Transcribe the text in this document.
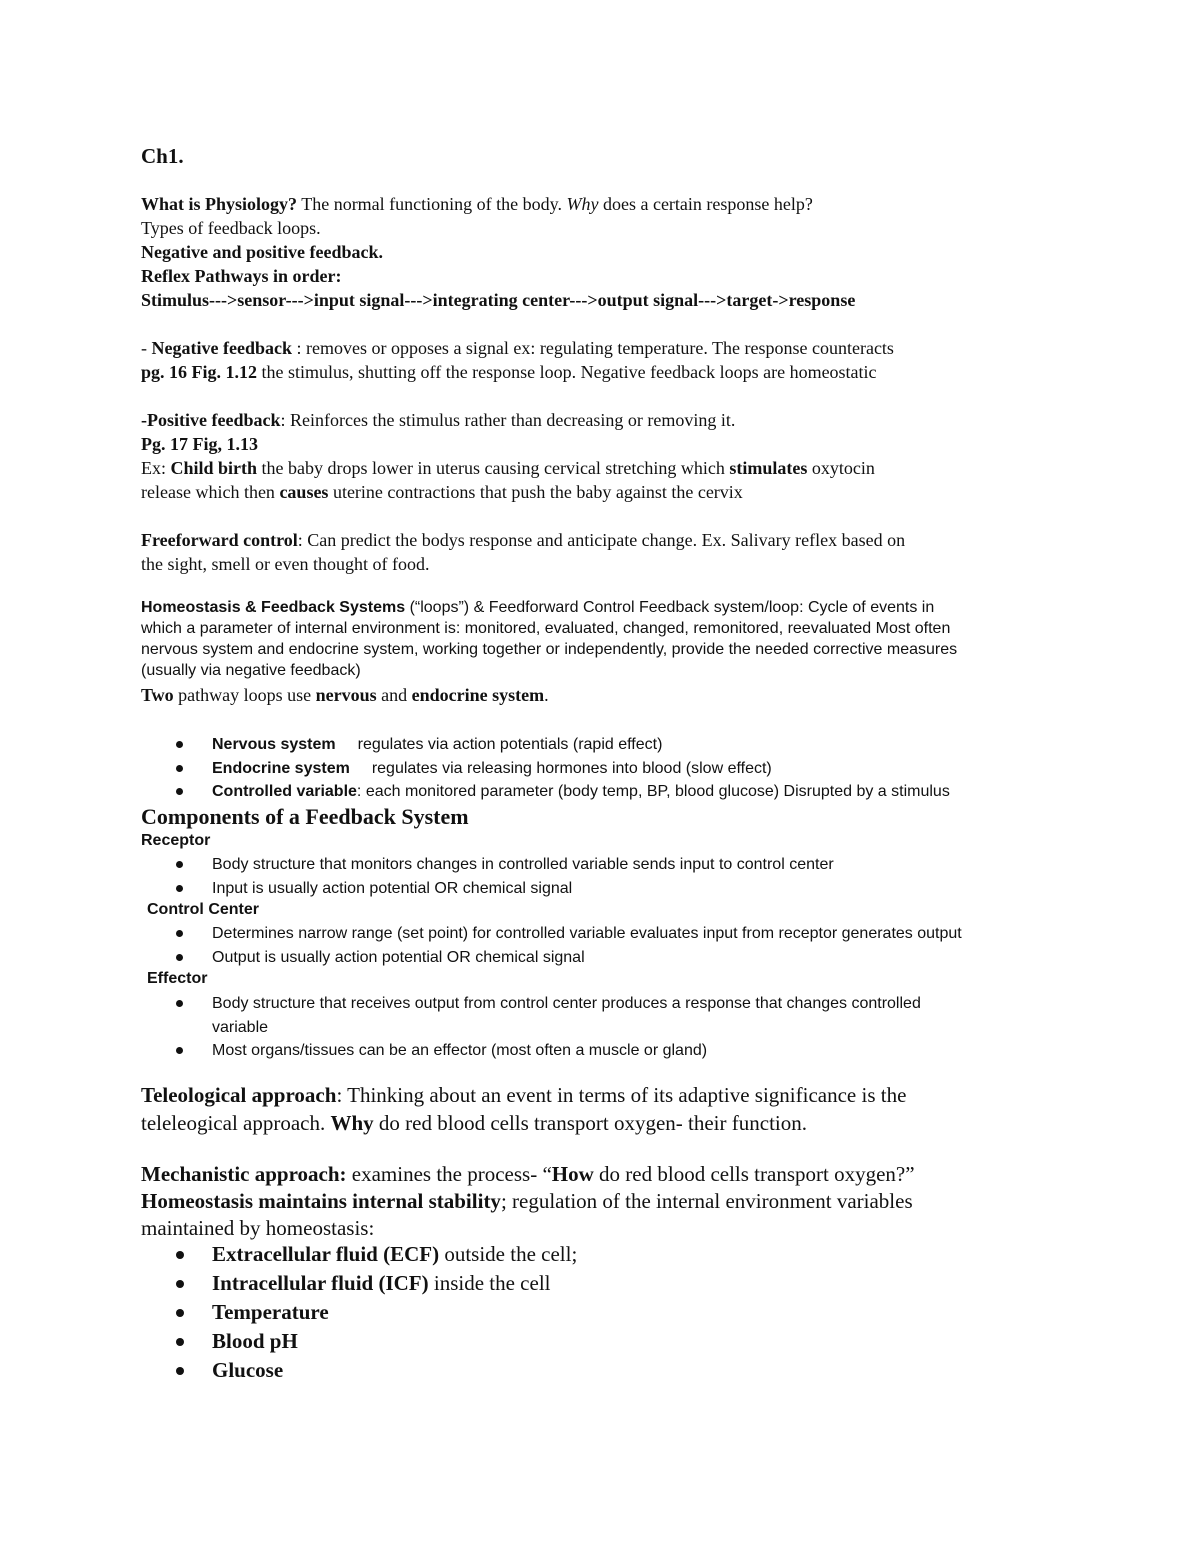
Ch1.
What is Physiology? The normal functioning of the body. Why does a certain response help?
Types of feedback loops.
Negative and positive feedback.
Reflex Pathways in order:
Stimulus--->sensor--->input signal--->integrating center--->output signal--->target->response
- Negative feedback : removes or opposes a signal ex: regulating temperature. The response counteracts
pg. 16 Fig. 1.12 the stimulus, shutting off the response loop. Negative feedback loops are homeostatic
-Positive feedback: Reinforces the stimulus rather than decreasing or removing it.
Pg. 17 Fig, 1.13
Ex: Child birth the baby drops lower in uterus causing cervical stretching which stimulates oxytocin
release which then causes uterine contractions that push the baby against the cervix
Freeforward control: Can predict the bodys response and anticipate change. Ex. Salivary reflex based on
the sight, smell or even thought of food.
Homeostasis & Feedback Systems (“loops”) & Feedforward Control Feedback system/loop: Cycle of events in
which a parameter of internal environment is: monitored, evaluated, changed, remonitored, reevaluated Most often
nervous system and endocrine system, working together or independently, provide the needed corrective measures
(usually via negative feedback)
Two pathway loops use nervous and endocrine system.
Nervous system regulates via action potentials (rapid effect)
Endocrine system regulates via releasing hormones into blood (slow effect)
Controlled variable: each monitored parameter (body temp, BP, blood glucose) Disrupted by a stimulus
Components of a Feedback System
Receptor
Body structure that monitors changes in controlled variable sends input to control center
Input is usually action potential OR chemical signal
Control Center
Determines narrow range (set point) for controlled variable evaluates input from receptor generates output
Output is usually action potential OR chemical signal
Effector
Body structure that receives output from control center produces a response that changes controlled
variable
Most organs/tissues can be an effector (most often a muscle or gland)
Teleological approach: Thinking about an event in terms of its adaptive significance is the
teleleogical approach. Why do red blood cells transport oxygen- their function.
Mechanistic approach: examines the process- “How do red blood cells transport oxygen?”
Homeostasis maintains internal stability; regulation of the internal environment variables
maintained by homeostasis:
Extracellular fluid (ECF) outside the cell;
Intracellular fluid (ICF) inside the cell
Temperature
Blood pH
Glucose
